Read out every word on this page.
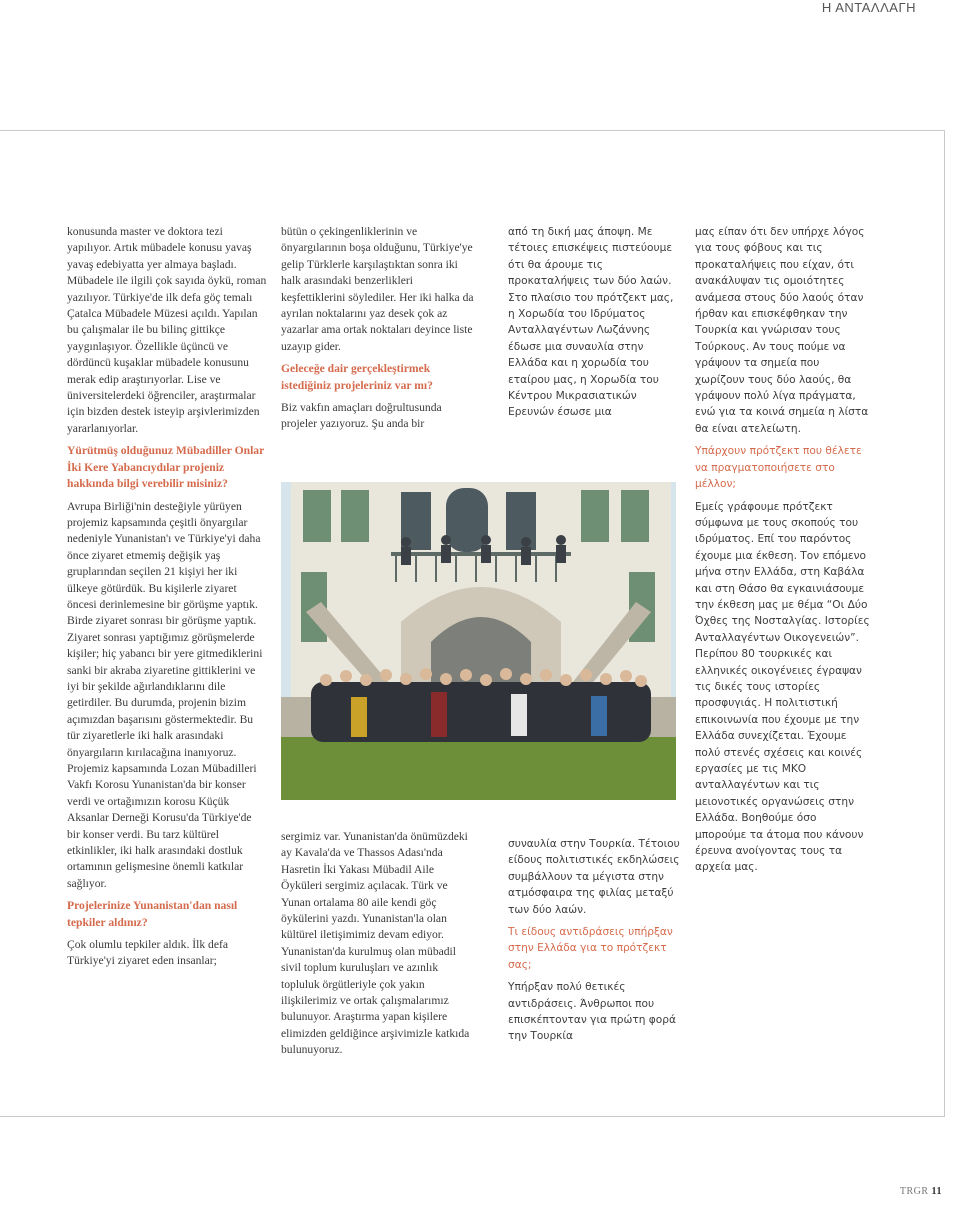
Η ΑΝΤΑΛΛΑΓΗ

konusunda master ve doktora tezi yapılıyor. Artık mübadele konusu yavaş yavaş edebiyatta yer almaya başladı. Mübadele ile ilgili çok sayıda öykü, roman yazılıyor. Türkiye'de ilk defa göç temalı Çatalca Mübadele Müzesi açıldı. Yapılan bu çalışmalar ile bu bilinç gittikçe yaygınlaşıyor. Özellikle üçüncü ve dördüncü kuşaklar mübadele konusunu merak edip araştırıyorlar. Lise ve üniversitelerdeki öğrenciler, araştırmalar için bizden destek isteyip arşivlerimizden yararlanıyorlar.

Yürütmüş olduğunuz Mübadiller Onlar İki Kere Yabancıydılar projeniz hakkında bilgi verebilir misiniz?

Avrupa Birliği'nin desteğiyle yürüyen projemiz kapsamında çeşitli önyargılar nedeniyle Yunanistan'ı ve Türkiye'yi daha önce ziyaret etmemiş değişik yaş gruplarından seçilen 21 kişiyi her iki ülkeye götürdük. Bu kişilerle ziyaret öncesi derinlemesine bir görüşme yaptık. Birde ziyaret sonrası bir görüşme yaptık. Ziyaret sonrası yaptığımız görüşmelerde kişiler; hiç yabancı bir yere gitmediklerini sanki bir akraba ziyaretine gittiklerini ve iyi bir şekilde ağırlandıklarını dile getirdiler. Bu durumda, projenin bizim açımızdan başarısını göstermektedir. Bu tür ziyaretlerle iki halk arasındaki önyargıların kırılacağına inanıyoruz. Projemiz kapsamında Lozan Mübadilleri Vakfı Korosu Yunanistan'da bir konser verdi ve ortağımızın korosu Küçük Aksanlar Derneği Korusu'da Türkiye'de bir konser verdi. Bu tarz kültürel etkinlikler, iki halk arasındaki dostluk ortamının gelişmesine önemli katkılar sağlıyor.

Projelerinize Yunanistan'dan nasıl tepkiler aldınız?

Çok olumlu tepkiler aldık. İlk defa Türkiye'yi ziyaret eden insanlar;

bütün o çekingenliklerinin ve önyargılarının boşa olduğunu, Türkiye'ye gelip Türklerle karşılaştıktan sonra iki halk arasındaki benzerlikleri keşfettiklerini söylediler. Her iki halka da ayrılan noktalarını yaz desek çok az yazarlar ama ortak noktaları deyince liste uzayıp gider.

Geleceğe dair gerçekleştirmek istediğiniz projeleriniz var mı?

Biz vakfın amaçları doğrultusunda projeler yazıyoruz. Şu anda bir

sergimiz var. Yunanistan'da önümüzdeki ay Kavala'da ve Thassos Adası'nda Hasretin İki Yakası Mübadil Aile Öyküleri sergimiz açılacak. Türk ve Yunan ortalama 80 aile kendi göç öykülerini yazdı. Yunanistan'la olan kültürel iletişimimiz devam ediyor. Yunanistan'da kurulmuş olan mübadil sivil toplum kuruluşları ve azınlık topluluk örgütleriyle çok yakın ilişkilerimiz ve ortak çalışmalarımız bulunuyor. Araştırma yapan kişilere elimizden geldiğince arşivimizle katkıda bulunuyoruz.

από τη δική μας άποψη. Με τέτοιες επισκέψεις πιστεύουμε ότι θα άρουμε τις προκαταλήψεις των δύο λαών. Στο πλαίσιο του πρότζεκτ μας, η Χορωδία του Ιδρύματος Ανταλλαγέντων Λωζάννης έδωσε μια συναυλία στην Ελλάδα και η χορωδία του εταίρου μας, η Χορωδία του Κέντρου Μικρασιατικών Ερευνών έσωσε μια

συναυλία στην Τουρκία. Τέτοιου είδους πολιτιστικές εκδηλώσεις συμβάλλουν τα μέγιστα στην ατμόσφαιρα της φιλίας μεταξύ των δύο λαών.

Τι είδους αντιδράσεις υπήρξαν στην Ελλάδα για το πρότζεκτ σας;

Υπήρξαν πολύ θετικές αντιδράσεις. Άνθρωποι που επισκέπτονταν για πρώτη φορά την Τουρκία

μας είπαν ότι δεν υπήρχε λόγος για τους φόβους και τις προκαταλήψεις που είχαν, ότι ανακάλυψαν τις ομοιότητες ανάμεσα στους δύο λαούς όταν ήρθαν και επισκέφθηκαν την Τουρκία και γνώρισαν τους Τούρκους. Αν τους πούμε να γράψουν τα σημεία που χωρίζουν τους δύο λαούς, θα γράψουν πολύ λίγα πράγματα, ενώ για τα κοινά σημεία η λίστα θα είναι ατελείωτη.

Υπάρχουν πρότζεκτ που θέλετε να πραγματοποιήσετε στο μέλλον;

Εμείς γράφουμε πρότζεκτ σύμφωνα με τους σκοπούς του ιδρύματος. Επί του παρόντος έχουμε μια έκθεση. Τον επόμενο μήνα στην Ελλάδα, στη Καβάλα και στη Θάσο θα εγκαινιάσουμε την έκθεση μας με θέμα “Οι Δύο Όχθες της Νοσταλγίας. Ιστορίες Ανταλλαγέντων Οικογενειών”. Περίπου 80 τουρκικές και ελληνικές οικογένειες έγραψαν τις δικές τους ιστορίες προσφυγιάς. Η πολιτιστική επικοινωνία που έχουμε με την Ελλάδα συνεχίζεται. Έχουμε πολύ στενές σχέσεις και κοινές εργασίες με τις ΜΚΟ ανταλλαγέντων και τις μειονοτικές οργανώσεις στην Ελλάδα. Βοηθούμε όσο μπορούμε τα άτομα που κάνουν έρευνα ανοίγοντας τους τα αρχεία μας.

TRGR 11
